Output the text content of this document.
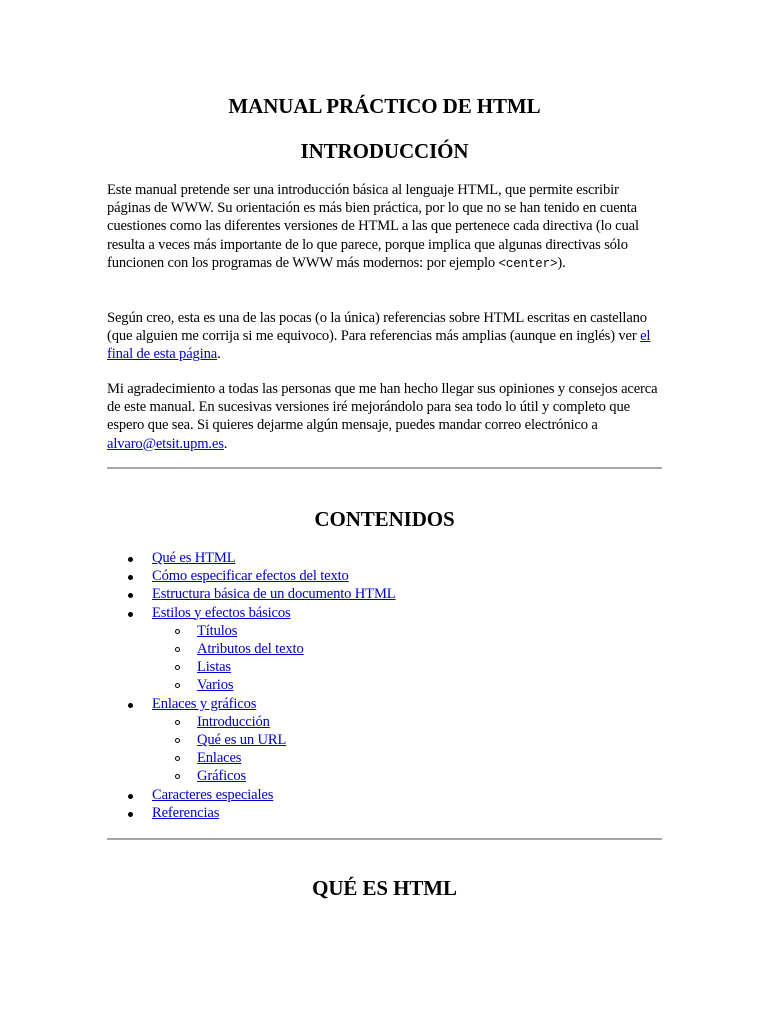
MANUAL PRÁCTICO DE HTML
INTRODUCCIÓN

Este manual pretende ser una introducción básica al lenguaje HTML, que permite escribir páginas de WWW. Su orientación es más bien práctica, por lo que no se han tenido en cuenta cuestiones como las diferentes versiones de HTML a las que pertenece cada directiva (lo cual resulta a veces más importante de lo que parece, porque implica que algunas directivas sólo funcionen con los programas de WWW más modernos: por ejemplo <center>).

Según creo, esta es una de las pocas (o la única) referencias sobre HTML escritas en castellano (que alguien me corrija si me equivoco). Para referencias más amplias (aunque en inglés) ver el final de esta página.

Mi agradecimiento a todas las personas que me han hecho llegar sus opiniones y consejos acerca de este manual. En sucesivas versiones iré mejorándolo para sea todo lo útil y completo que espero que sea. Si quieres dejarme algún mensaje, puedes mandar correo electrónico a alvaro@etsit.upm.es.

CONTENIDOS
Qué es HTML
Cómo especificar efectos del texto
Estructura básica de un documento HTML
Estilos y efectos básicos
Títulos
Atributos del texto
Listas
Varios
Enlaces y gráficos
Introducción
Qué es un URL
Enlaces
Gráficos
Caracteres especiales
Referencias
QUÉ ES HTML
